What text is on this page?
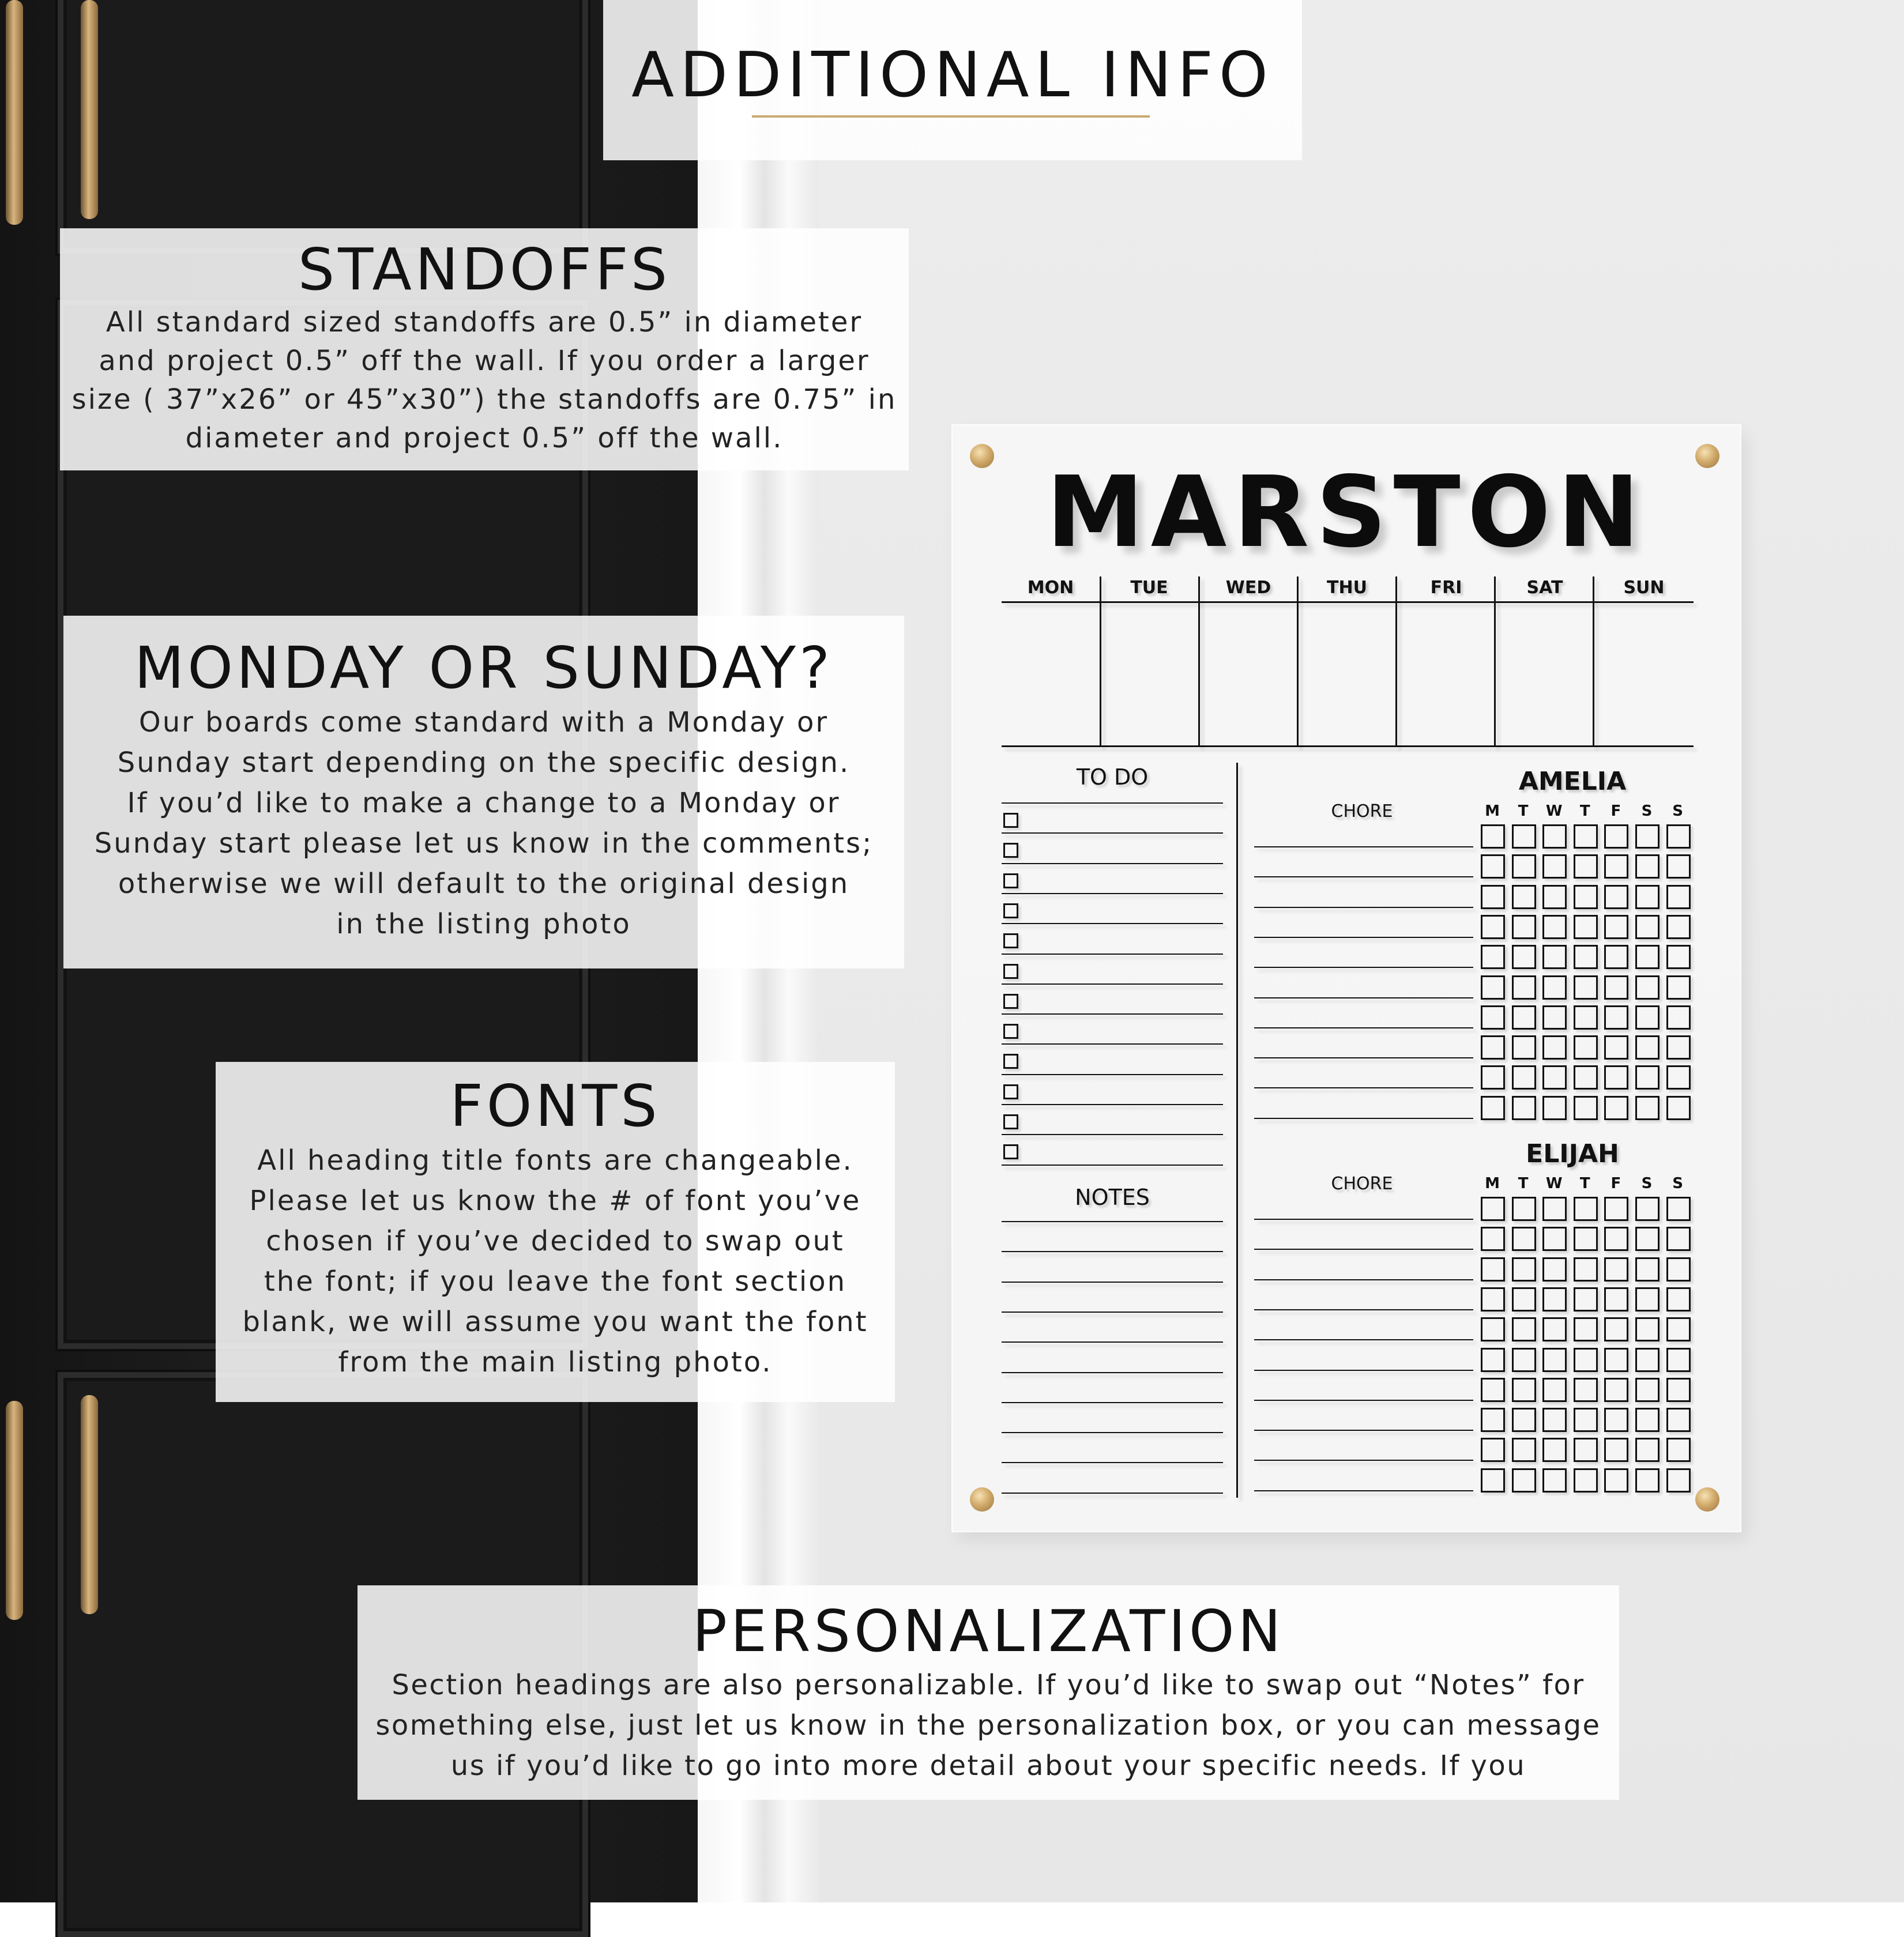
ADDITIONAL INFO
STANDOFFS

All standard sized standoffs are 0.5” in diameter

and project 0.5” off the wall. If you order a larger

size ( 37”x26” or 45”x30”) the standoffs are 0.75” in

diameter and project 0.5” off the wall.

MONDAY OR SUNDAY?

Our boards come standard with a Monday or

Sunday start depending on the specific design.

If you’d like to make a change to a Monday or

Sunday start please let us know in the comments;

otherwise we will default to the original design

in the listing photo

FONTS

All heading title fonts are changeable.

Please let us know the # of font you’ve

chosen if you’ve decided to swap out

the font; if you leave the font section

blank, we will assume you want the font

from the main listing photo.

PERSONALIZATION

Section headings are also personalizable. If you’d like to swap out “Notes” for

something else, just let us know in the personalization box, or you can message

us if you’d like to go into more detail about your specific needs. If you

MARSTON
MON	TUE	WED	THU	FRI	SAT	SUN
TO DO
NOTES
AMELIA
CHORE
ELIJAH
CHORE
M	T	W	T	F	S	S
M	T	W	T	F	S	S
